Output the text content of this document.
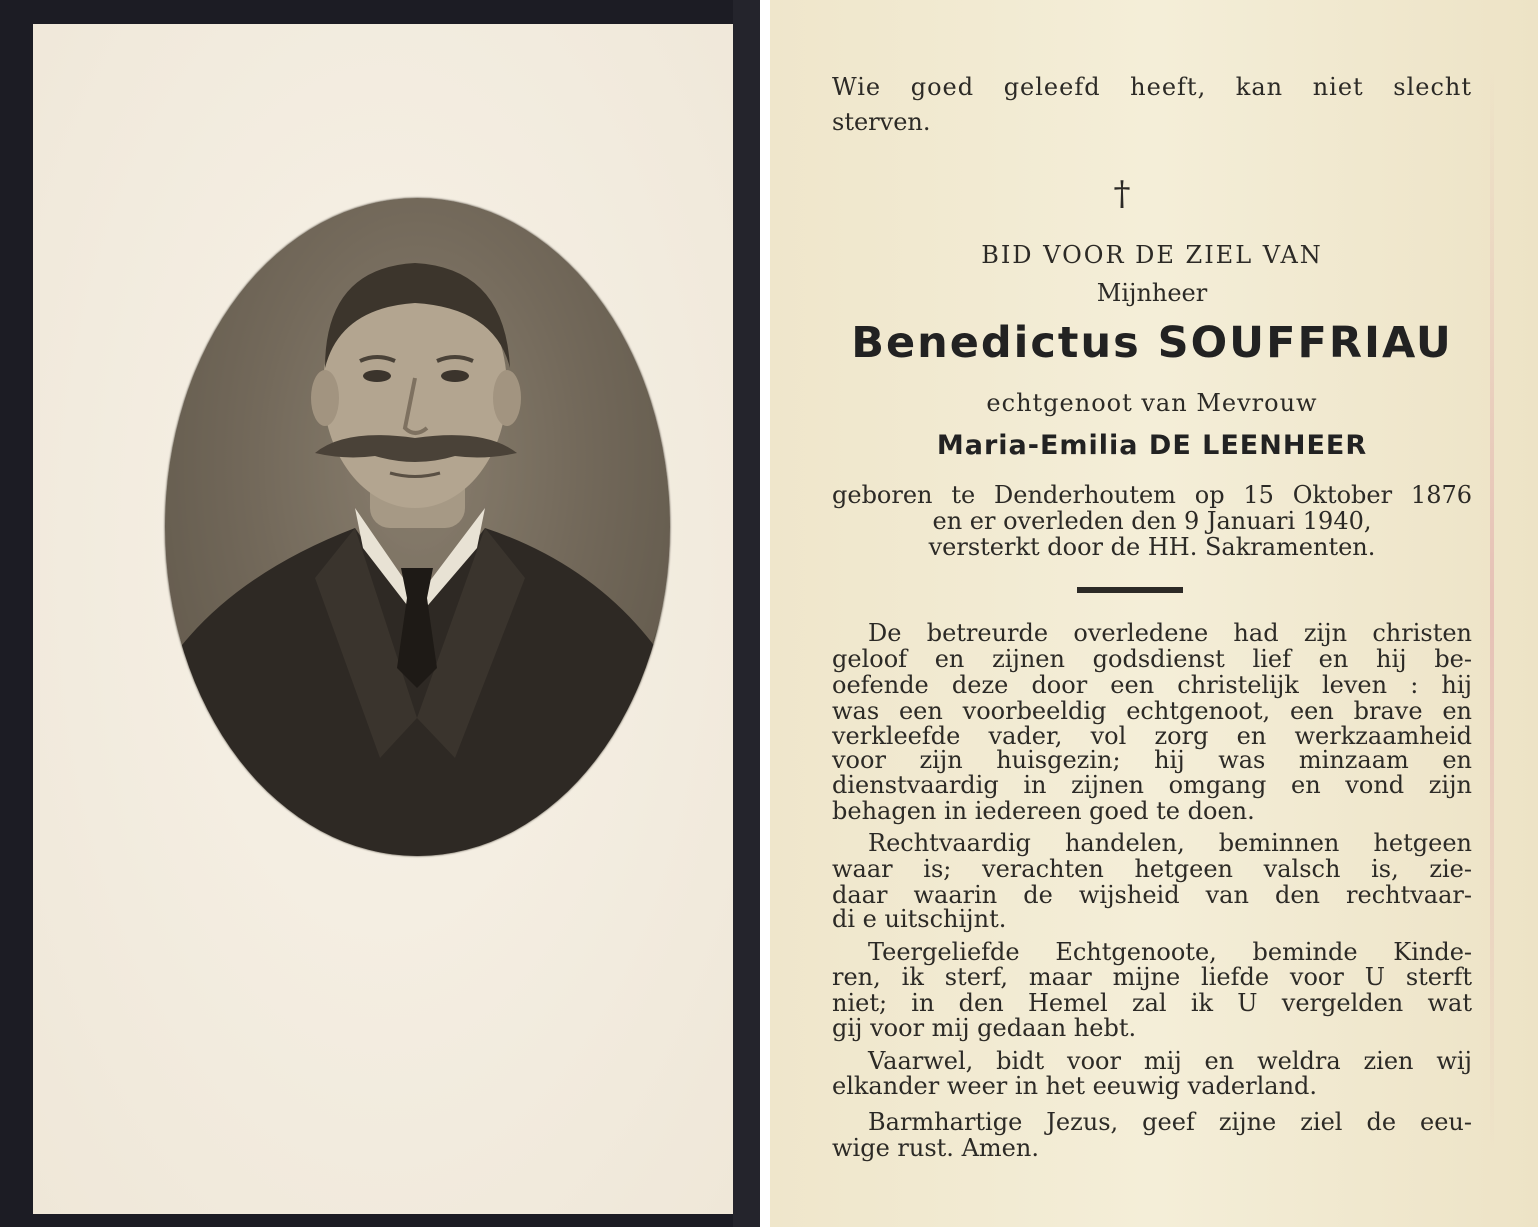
Wie goed geleefd heeft, kan niet slecht
sterven.
†
BID VOOR DE ZIEL VAN
Mijnheer
Benedictus SOUFFRIAU
echtgenoot van Mevrouw
Maria-Emilia DE LEENHEER
geboren te Denderhoutem op 15 Oktober 1876
en er overleden den 9 Januari 1940,
versterkt door de HH. Sakramenten.
De betreurde overledene had zijn christen
geloof en zijnen godsdienst lief en hij be-
oefende deze door een christelijk leven : hij
was een voorbeeldig echtgenoot, een brave en
verkleefde vader, vol zorg en werkzaamheid
voor zijn huisgezin; hij was minzaam en
dienstvaardig in zijnen omgang en vond zijn
behagen in iedereen goed te doen.
Rechtvaardig handelen, beminnen hetgeen
waar is; verachten hetgeen valsch is, zie-
daar waarin de wijsheid van den rechtvaar-
di e uitschijnt.
Teergeliefde Echtgenoote, beminde Kinde-
ren, ik sterf, maar mijne liefde voor U sterft
niet; in den Hemel zal ik U vergelden wat
gij voor mij gedaan hebt.
Vaarwel, bidt voor mij en weldra zien wij
elkander weer in het eeuwig vaderland.
Barmhartige Jezus, geef zijne ziel de eeu-
wige rust. Amen.
